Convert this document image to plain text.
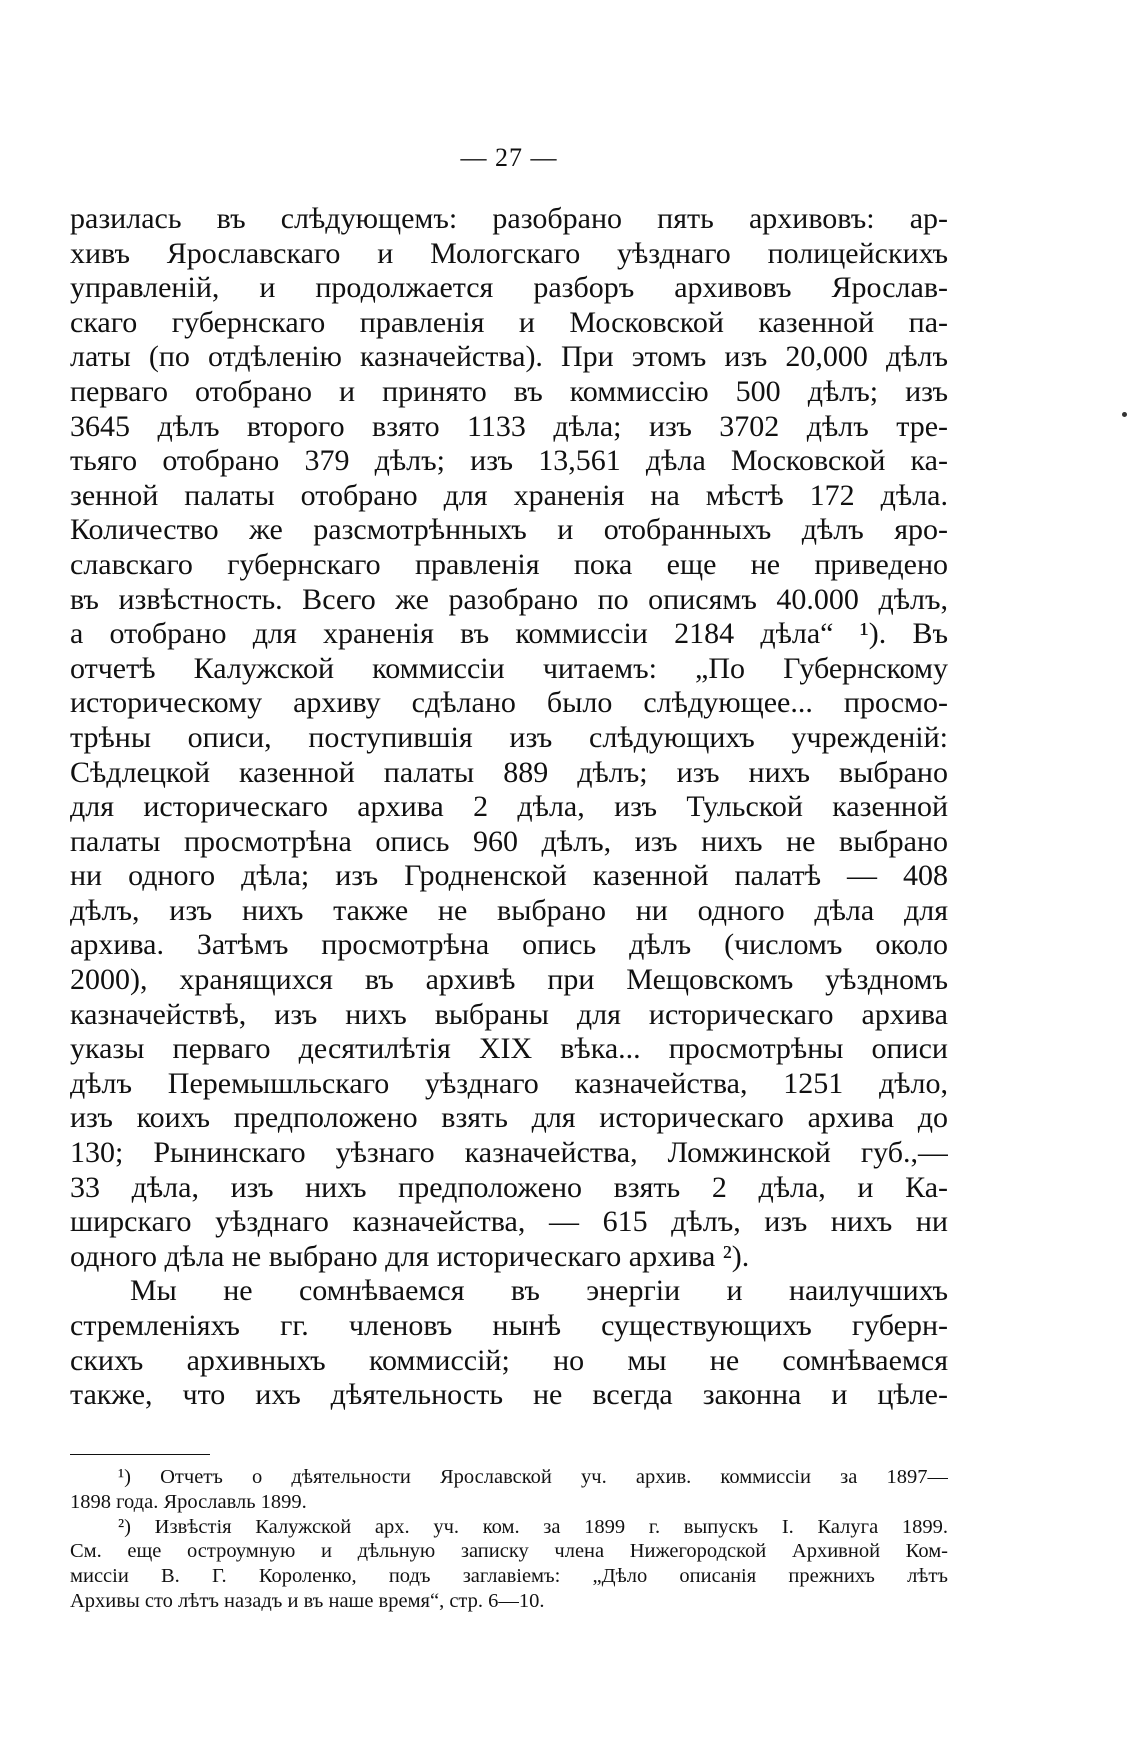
— 27 —
разилась въ слѣдующемъ: разобрано пять архивовъ: ар-
хивъ Ярославскаго и Мологскаго уѣзднаго полицейскихъ
управленій, и продолжается разборъ архивовъ Ярослав-
скаго губернскаго правленія и Московской казенной па-
латы (по отдѣленію казначейства). При этомъ изъ 20,000 дѣлъ
перваго отобрано и принято въ коммиссію 500 дѣлъ; изъ
3645 дѣлъ второго взято 1133 дѣла; изъ 3702 дѣлъ тре-
тьяго отобрано 379 дѣлъ; изъ 13,561 дѣла Московской ка-
зенной палаты отобрано для храненія на мѣстѣ 172 дѣла.
Количество же разсмотрѣнныхъ и отобранныхъ дѣлъ яро-
славскаго губернскаго правленія пока еще не приведено
въ извѣстность. Всего же разобрано по описямъ 40.000 дѣлъ,
а отобрано для храненія въ коммиссіи 2184 дѣла“ ¹). Въ
отчетѣ Калужской коммиссіи читаемъ: „По Губернскому
историческому архиву сдѣлано было слѣдующее... просмо-
трѣны описи, поступившія изъ слѣдующихъ учрежденій:
Сѣдлецкой казенной палаты 889 дѣлъ; изъ нихъ выбрано
для историческаго архива 2 дѣла, изъ Тульской казенной
палаты просмотрѣна опись 960 дѣлъ, изъ нихъ не выбрано
ни одного дѣла; изъ Гродненской казенной палатѣ — 408
дѣлъ, изъ нихъ также не выбрано ни одного дѣла для
архива. Затѣмъ просмотрѣна опись дѣлъ (числомъ около
2000), хранящихся въ архивѣ при Мещовскомъ уѣздномъ
казначействѣ, изъ нихъ выбраны для историческаго архива
указы перваго десятилѣтія XIX вѣка... просмотрѣны описи
дѣлъ Перемышльскаго уѣзднаго казначейства, 1251 дѣло,
изъ коихъ предположено взять для историческаго архива до
130; Рынинскаго уѣзнаго казначейства, Ломжинской губ.,—
33 дѣла, изъ нихъ предположено взять 2 дѣла, и Ка-
ширскаго уѣзднаго казначейства, — 615 дѣлъ, изъ нихъ ни
одного дѣла не выбрано для историческаго архива ²).
Мы не сомнѣваемся въ энергіи и наилучшихъ
стремленіяхъ гг. членовъ нынѣ существующихъ губерн-
скихъ архивныхъ коммиссій; но мы не сомнѣваемся
также, что ихъ дѣятельность не всегда законна и цѣле-
¹) Отчетъ о дѣятельности Ярославской уч. архив. коммиссіи за 1897—
1898 года. Ярославль 1899.
²) Извѣстія Калужской арх. уч. ком. за 1899 г. выпускъ I. Калуга 1899.
См. еще остроумную и дѣльную записку члена Нижегородской Архивной Ком-
миссіи В. Г. Короленко, подъ заглавіемъ: „Дѣло описанія прежнихъ лѣтъ
Архивы сто лѣтъ назадъ и въ наше время“, стр. 6—10.
